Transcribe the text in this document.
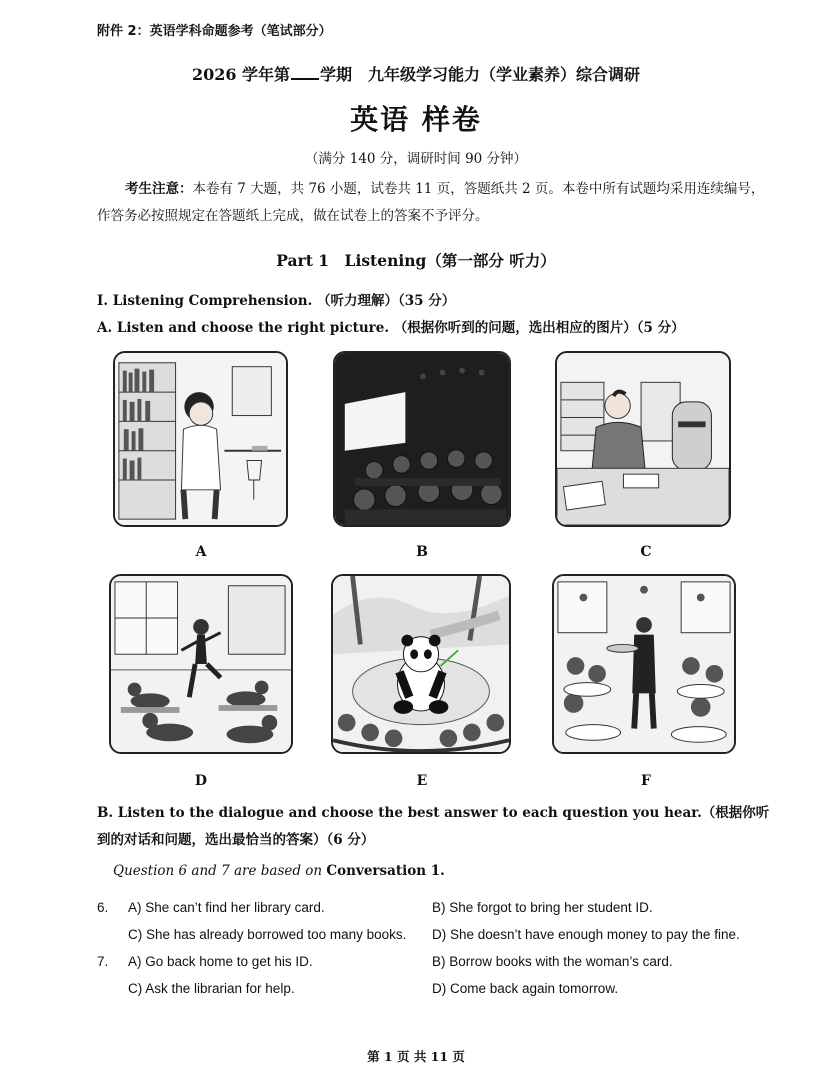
附件 2：英语学科命题参考（笔试部分）
2026 学年第 学期　九年级学习能力（学业素养）综合调研
英语 样卷
（满分 140 分，调研时间 90 分钟）
考生注意：本卷有 7 大题，共 76 小题，试卷共 11 页，答题纸共 2 页。本卷中所有试题均采用连续编号，作答务必按照规定在答题纸上完成，做在试卷上的答案不予评分。
Part 1　Listening（第一部分 听力）
I. Listening Comprehension. （听力理解）（35 分）
A. Listen and choose the right picture. （根据你听到的问题，选出相应的图片）（5 分）
A	B	C
D	E	F
B. Listen to the dialogue and choose the best answer to each question you hear.（根据你听到的对话和问题，选出最恰当的答案）（6 分）
Question 6 and 7 are based on Conversation 1.
6. A) She can’t find her library card.	B) She forgot to bring her student ID.
C) She has already borrowed too many books. D) She doesn’t have enough money to pay the fine.
7. A) Go back home to get his ID.	B) Borrow books with the woman’s card.
C) Ask the librarian for help.	D) Come back again tomorrow.
第 1 页 共 11 页
